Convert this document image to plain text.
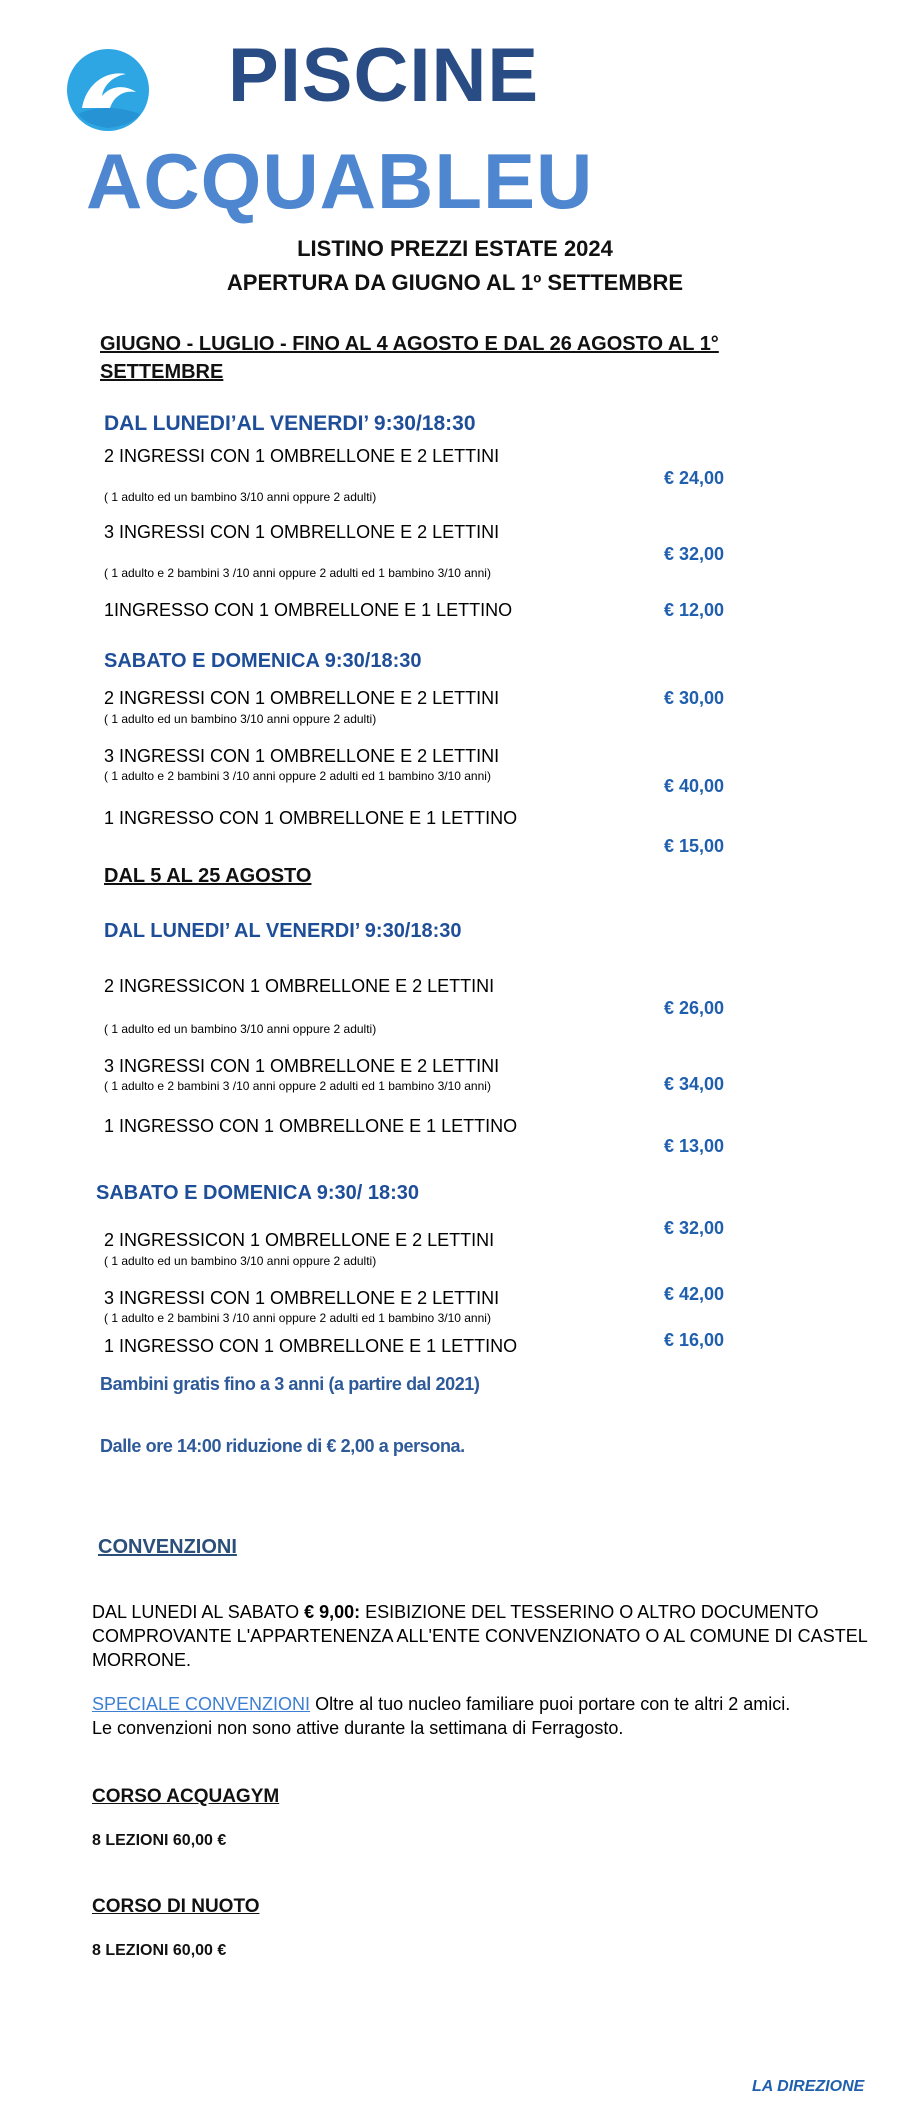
PISCINE
ACQUABLEU
LISTINO PREZZI ESTATE 2024
APERTURA DA GIUGNO AL 1º SETTEMBRE
GIUGNO - LUGLIO - FINO AL 4 AGOSTO E DAL 26 AGOSTO AL 1°
SETTEMBRE
DAL LUNEDI’AL VENERDI’ 9:30/18:30
2 INGRESSI CON 1 OMBRELLONE E 2 LETTINI
( 1 adulto ed un bambino 3/10 anni oppure 2 adulti)
€ 24,00
3 INGRESSI CON 1 OMBRELLONE E 2 LETTINI
( 1 adulto e 2 bambini 3 /10 anni oppure 2 adulti ed 1 bambino 3/10 anni)
€ 32,00
1INGRESSO CON 1 OMBRELLONE E 1 LETTINO	€ 12,00
SABATO E DOMENICA 9:30/18:30
2 INGRESSI CON 1 OMBRELLONE E 2 LETTINI
( 1 adulto ed un bambino 3/10 anni oppure 2 adulti)
€ 30,00
3 INGRESSI CON 1 OMBRELLONE E 2 LETTINI
( 1 adulto e 2 bambini 3 /10 anni oppure 2 adulti ed 1 bambino 3/10 anni)	€ 40,00
1 INGRESSO CON 1 OMBRELLONE E 1 LETTINO
€ 15,00
DAL 5 AL 25 AGOSTO
DAL LUNEDI’ AL VENERDI’ 9:30/18:30
2 INGRESSICON 1 OMBRELLONE E 2 LETTINI
( 1 adulto ed un bambino 3/10 anni oppure 2 adulti)
€ 26,00
3 INGRESSI CON 1 OMBRELLONE E 2 LETTINI
( 1 adulto e 2 bambini 3 /10 anni oppure 2 adulti ed 1 bambino 3/10 anni)	€ 34,00
1 INGRESSO CON 1 OMBRELLONE E 1 LETTINO
€ 13,00
SABATO E DOMENICA 9:30/ 18:30
2 INGRESSICON 1 OMBRELLONE E 2 LETTINI
( 1 adulto ed un bambino 3/10 anni oppure 2 adulti)
€ 32,00
3 INGRESSI CON 1 OMBRELLONE E 2 LETTINI
( 1 adulto e 2 bambini 3 /10 anni oppure 2 adulti ed 1 bambino 3/10 anni)
€ 42,00
1 INGRESSO CON 1 OMBRELLONE E 1 LETTINO	€ 16,00
Bambini gratis fino a 3 anni (a partire dal 2021)
Dalle ore 14:00 riduzione di € 2,00 a persona.
CONVENZIONI
DAL LUNEDI AL SABATO € 9,00: ESIBIZIONE DEL TESSERINO O ALTRO DOCUMENTO COMPROVANTE L'APPARTENENZA ALL'ENTE CONVENZIONATO O AL COMUNE DI CASTEL MORRONE.
SPECIALE CONVENZIONI Oltre al tuo nucleo familiare puoi portare con te altri 2 amici.
Le convenzioni non sono attive durante la settimana di Ferragosto.
CORSO ACQUAGYM
8 LEZIONI 60,00 €
CORSO DI NUOTO
8 LEZIONI 60,00 €
LA DIREZIONE
